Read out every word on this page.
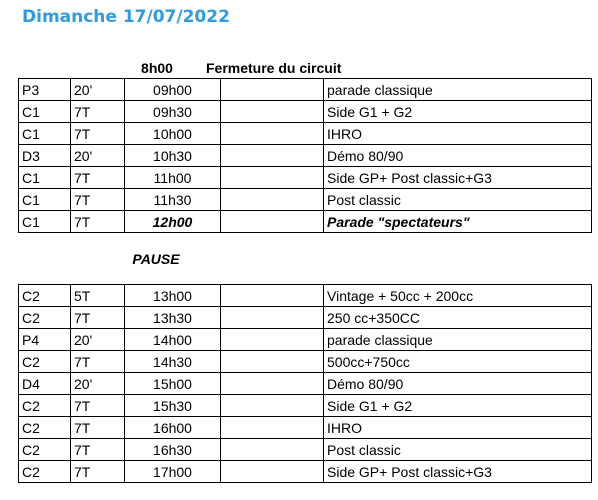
Dimanche 17/07/2022
8h00	Fermeture du circuit
P3	20'	09h00		parade classique
C1	7T	09h30		Side G1 + G2
C1	7T	10h00		IHRO
D3	20'	10h30		Démo 80/90
C1	7T	11h00		Side GP+ Post classic+G3
C1	7T	11h30		Post classic
C1	7T	12h00		Parade "spectateurs"
PAUSE
C2	5T	13h00		Vintage + 50cc + 200cc
C2	7T	13h30		250 cc+350CC
P4	20'	14h00		parade classique
C2	7T	14h30		500cc+750cc
D4	20'	15h00		Démo 80/90
C2	7T	15h30		Side G1 + G2
C2	7T	16h00		IHRO
C2	7T	16h30		Post classic
C2	7T	17h00		Side GP+ Post classic+G3
